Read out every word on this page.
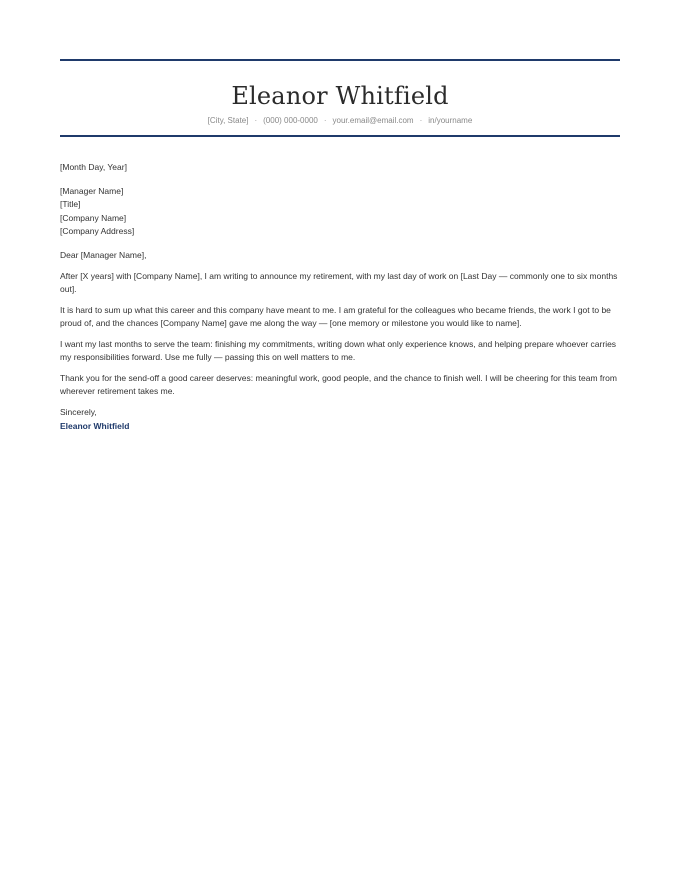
Eleanor Whitfield
[City, State] · (000) 000-0000 · your.email@email.com · in/yourname
[Month Day, Year]
[Manager Name]
[Title]
[Company Name]
[Company Address]
Dear [Manager Name],
After [X years] with [Company Name], I am writing to announce my retirement, with my last day of work on [Last Day — commonly one to six months out].
It is hard to sum up what this career and this company have meant to me. I am grateful for the colleagues who became friends, the work I got to be proud of, and the chances [Company Name] gave me along the way — [one memory or milestone you would like to name].
I want my last months to serve the team: finishing my commitments, writing down what only experience knows, and helping prepare whoever carries my responsibilities forward. Use me fully — passing this on well matters to me.
Thank you for the send-off a good career deserves: meaningful work, good people, and the chance to finish well. I will be cheering for this team from wherever retirement takes me.
Sincerely,
Eleanor Whitfield
